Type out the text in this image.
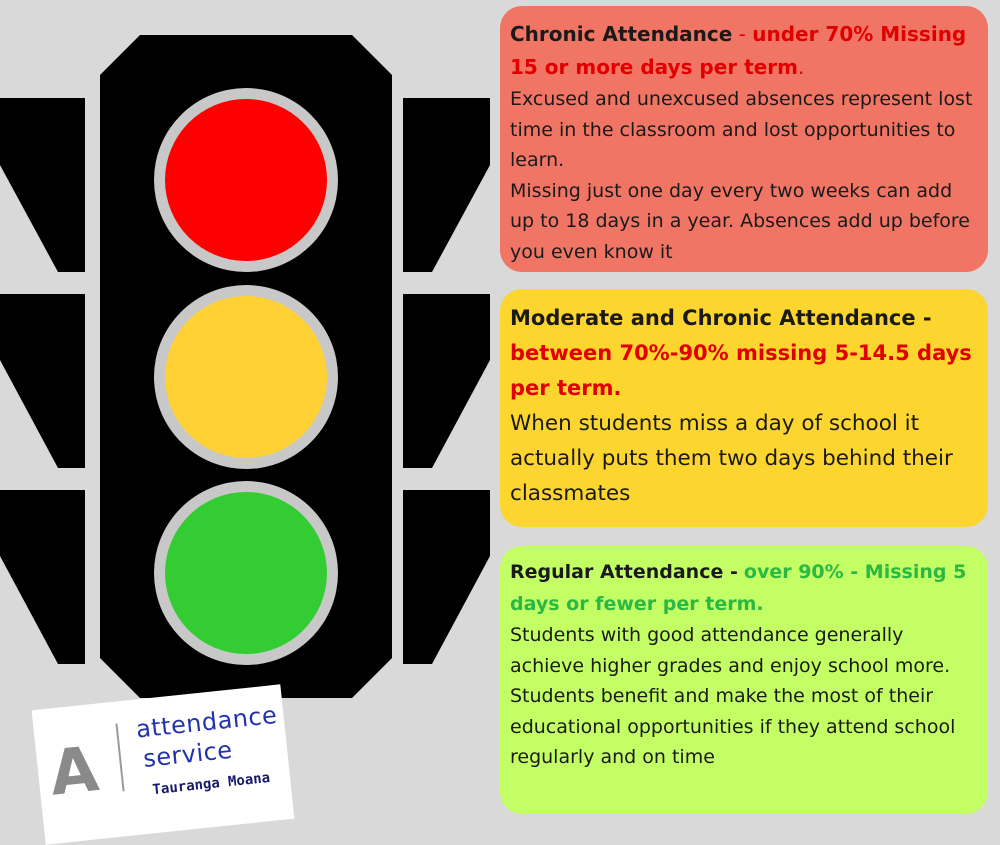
Chronic Attendance - under 70% Missing 15 or more days per term.

Excused and unexcused absences represent lost time in the classroom and lost opportunities to learn.
Missing just one day every two weeks can add up to 18 days in a year. Absences add up before you even know it

Moderate and Chronic Attendance - between 70%-90% missing 5-14.5 days per term.

When students miss a day of school it actually puts them two days behind their classmates

Regular Attendance - over 90% - Missing 5 days or fewer per term.

Students with good attendance generally achieve higher grades and enjoy school more.
Students benefit and make the most of their educational opportunities if they attend school regularly and on time

A
attendance
service
Tauranga Moana
